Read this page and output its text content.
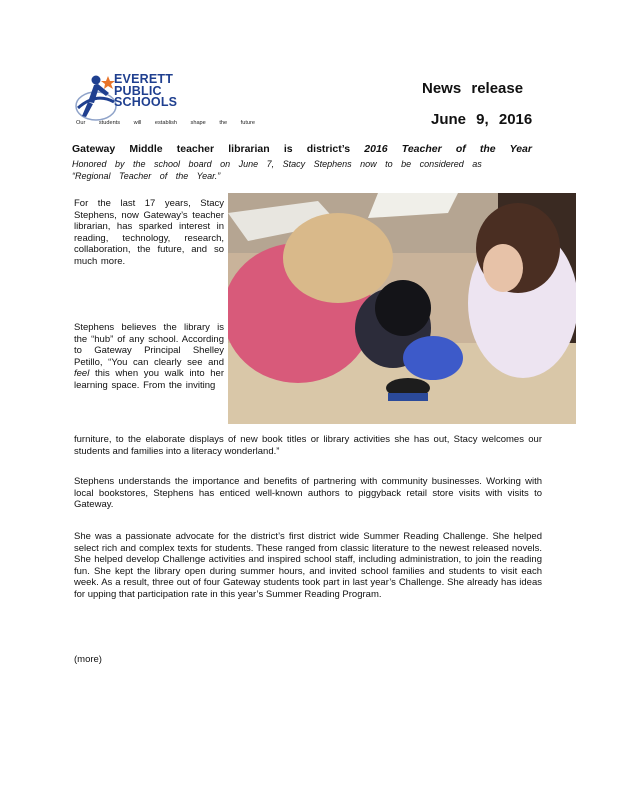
EVERETT
PUBLIC
SCHOOLS
Our students will establish shape the future
News release
June 9, 2016
Gateway Middle teacher librarian is district’s 2016 Teacher of the Year
Honored by the school board on June 7, Stacy Stephens now to be considered as “Regional Teacher of the Year.”
For the last 17 years, Stacy Stephens, now Gateway’s teacher librarian, has sparked interest in reading, technology, research, collaboration, the future, and so much more.
Stephens believes the library is the “hub” of any school. According to Gateway Principal Shelley Petillo, “You can clearly see and feel this when you walk into her learning space. From the inviting
furniture, to the elaborate displays of new book titles or library activities she has out, Stacy welcomes our students and families into a literacy wonderland.”
Stephens understands the importance and benefits of partnering with community businesses. Working with local bookstores, Stephens has enticed well-known authors to piggyback retail store visits with visits to Gateway.
She was a passionate advocate for the district’s first district wide Summer Reading Challenge. She helped select rich and complex texts for students. These ranged from classic literature to the newest released novels. She helped develop Challenge activities and inspired school staff, including administration, to join the reading fun. She kept the library open during summer hours, and invited school families and students to visit each week. As a result, three out of four Gateway students took part in last year’s Challenge. She already has ideas for upping that participation rate in this year’s Summer Reading Program.
(more)
